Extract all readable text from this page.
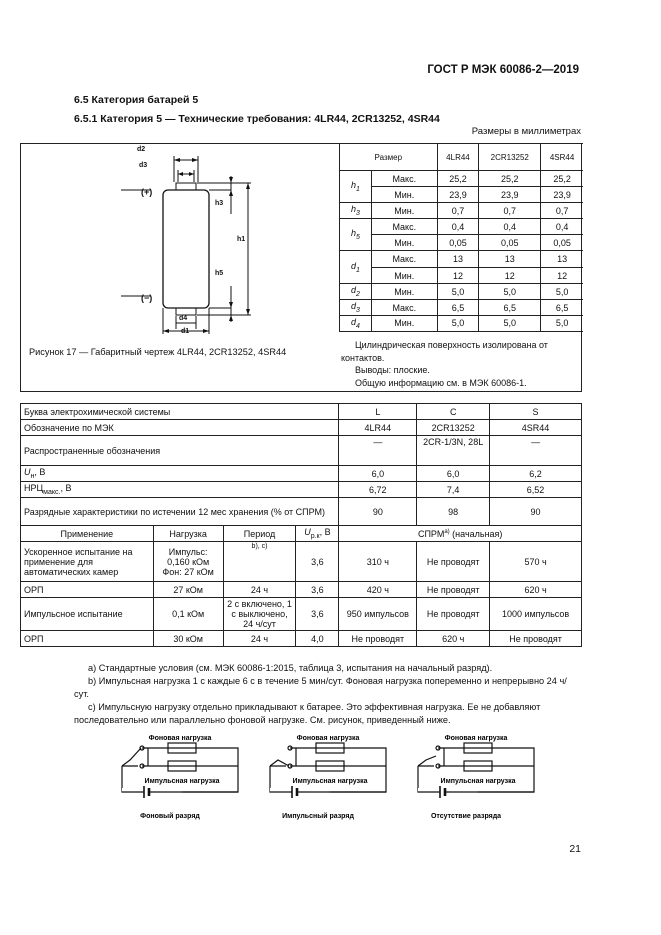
ГОСТ Р МЭК 60086-2—2019
6.5 Категория батарей 5
6.5.1 Категория 5 — Технические требования: 4LR44, 2CR13252, 4SR44
Размеры в миллиметрах
d2
d3
d4
d1
h1
h3
h5
(+)
(−)
Рисунок 17 — Габаритный чертеж 4LR44, 2CR13252, 4SR44
Размер		4LR44	2CR13252	4SR44
$h_1$	Макс.	25,2	25,2	25,2
	Мин.	23,9	23,9	23,9
$h_3$	Мин.	0,7	0,7	0,7
$h_5$	Макс.	0,4	0,4	0,4
	Мин.	0,05	0,05	0,05
$d_1$	Макс.	13	13	13
	Мин.	12	12	12
$d_2$	Мин.	5,0	5,0	5,0
$d_3$	Макс.	6,5	6,5	6,5
$d_4$	Мин.	5,0	5,0	5,0
Цилиндрическая поверхность изолирована от контактов.
Выводы: плоские.
Общую информацию см. в МЭК 60086-1.
Буква электрохимической системы				L	C	S
Обозначение по МЭК				4LR44	2CR13252	4SR44
Распространенные обозначения				—	2CR-1/3N, 28L	—
$U_н$, В				6,0	6,0	6,2
$НРЦ_{макс.}$, В				6,72	7,4	6,52
Разрядные характеристики по истечении 12 мес хранения (% от СПРМ)				90	98	90
Применение	Нагрузка	Период	$U_{р.к}$, В	СПРМ$^{a)}$ (начальная)		
Ускоренное испытание на применение для автоматических камер	Импульс: 0,160 кОм Фон: 27 кОм	b), c)	3,6	310 ч	Не проводят	570 ч
ОРП	27 кОм	24 ч	3,6	420 ч	Не проводят	620 ч
Импульсное испытание	0,1 кОм	2 с включено, 1 с выключено, 24 ч/сут	3,6	950 импульсов	Не проводят	1000 импульсов
ОРП	30 кОм	24 ч	4,0	Не проводят	620 ч	Не проводят
a) Стандартные условия (см. МЭК 60086-1:2015, таблица 3, испытания на начальный разряд).
b) Импульсная нагрузка 1 с каждые 6 с в течение 5 мин/сут. Фоновая нагрузка попеременно и непрерывно 24 ч/сут.
c) Импульсную нагрузку отдельно прикладывают к батарее. Это эффективная нагрузка. Ее не добавляют последовательно или параллельно фоновой нагрузке. См. рисунок, приведенный ниже.
Фоновая нагрузка
Импульсная нагрузка
Фоновый разряд
Фоновая нагрузка
Импульсная нагрузка
Импульсный разряд
Фоновая нагрузка
Импульсная нагрузка
Отсутствие разряда
21
